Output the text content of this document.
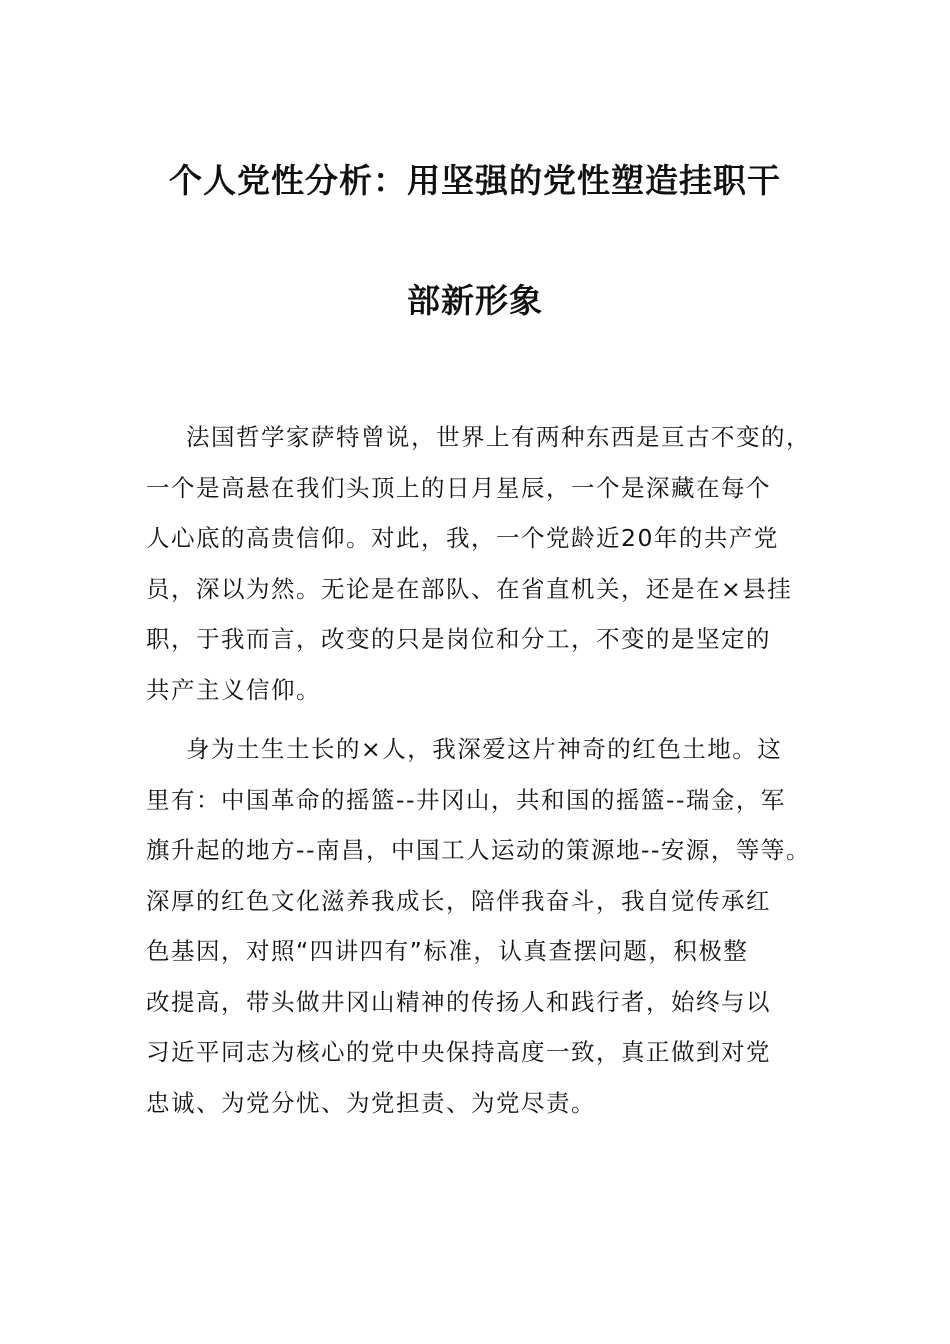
个人党性分析：用坚强的党性塑造挂职干
部新形象
法国哲学家萨特曾说，世界上有两种东西是亘古不变的，
一个是高悬在我们头顶上的日月星辰，一个是深藏在每个
人心底的高贵信仰。对此，我，一个党龄近20年的共产党
员，深以为然。无论是在部队、在省直机关，还是在×县挂
职，于我而言，改变的只是岗位和分工，不变的是坚定的
共产主义信仰。
身为土生土长的×人，我深爱这片神奇的红色土地。这
里有：中国革命的摇篮--井冈山，共和国的摇篮--瑞金，军
旗升起的地方--南昌，中国工人运动的策源地--安源，等等。
深厚的红色文化滋养我成长，陪伴我奋斗，我自觉传承红
色基因，对照“四讲四有”标准，认真查摆问题，积极整
改提高，带头做井冈山精神的传扬人和践行者，始终与以
习近平同志为核心的党中央保持高度一致，真正做到对党
忠诚、为党分忧、为党担责、为党尽责。
